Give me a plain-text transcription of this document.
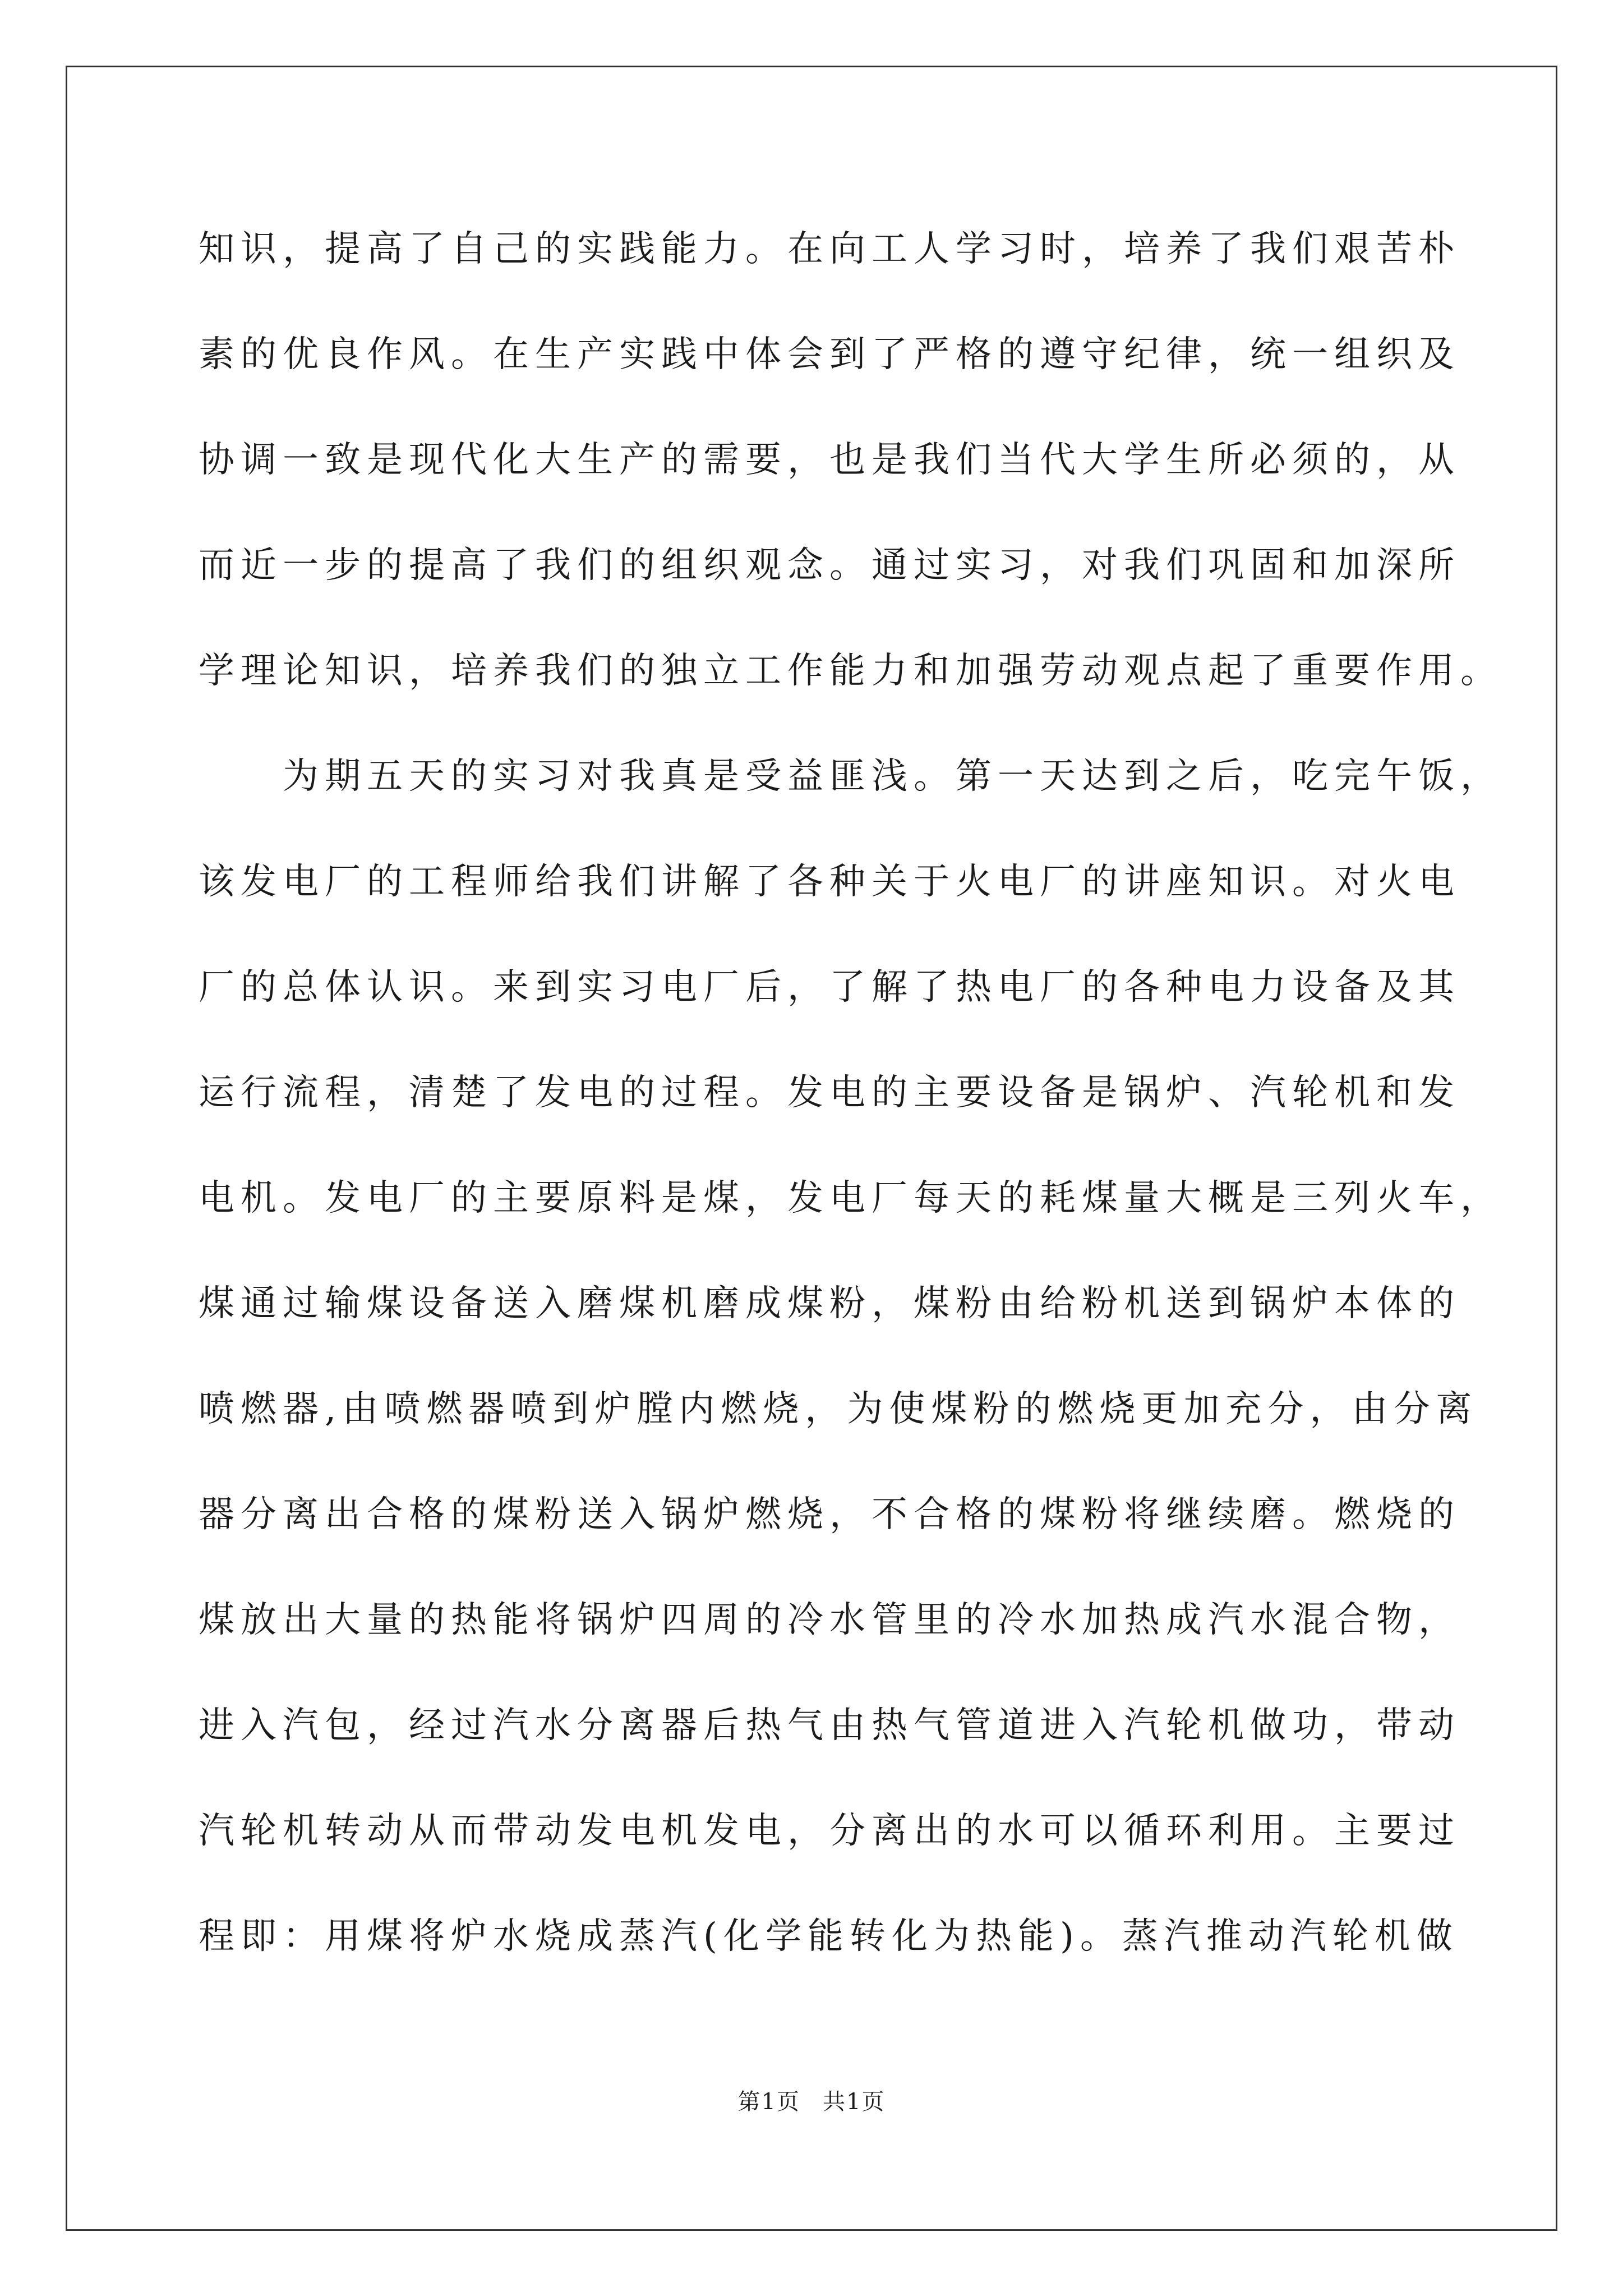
知识，提高了自己的实践能力。在向工人学习时，培养了我们艰苦朴
素的优良作风。在生产实践中体会到了严格的遵守纪律，统一组织及
协调一致是现代化大生产的需要，也是我们当代大学生所必须的，从
而近一步的提高了我们的组织观念。通过实习，对我们巩固和加深所
学理论知识，培养我们的独立工作能力和加强劳动观点起了重要作用。
为期五天的实习对我真是受益匪浅。第一天达到之后，吃完午饭，
该发电厂的工程师给我们讲解了各种关于火电厂的讲座知识。对火电
厂的总体认识。来到实习电厂后，了解了热电厂的各种电力设备及其
运行流程，清楚了发电的过程。发电的主要设备是锅炉、汽轮机和发
电机。发电厂的主要原料是煤，发电厂每天的耗煤量大概是三列火车，
煤通过输煤设备送入磨煤机磨成煤粉，煤粉由给粉机送到锅炉本体的
喷燃器,由喷燃器喷到炉膛内燃烧，为使煤粉的燃烧更加充分，由分离
器分离出合格的煤粉送入锅炉燃烧，不合格的煤粉将继续磨。燃烧的
煤放出大量的热能将锅炉四周的冷水管里的冷水加热成汽水混合物，
进入汽包，经过汽水分离器后热气由热气管道进入汽轮机做功，带动
汽轮机转动从而带动发电机发电，分离出的水可以循环利用。主要过
程即：用煤将炉水烧成蒸汽(化学能转化为热能)。蒸汽推动汽轮机做
第1页 共1页
